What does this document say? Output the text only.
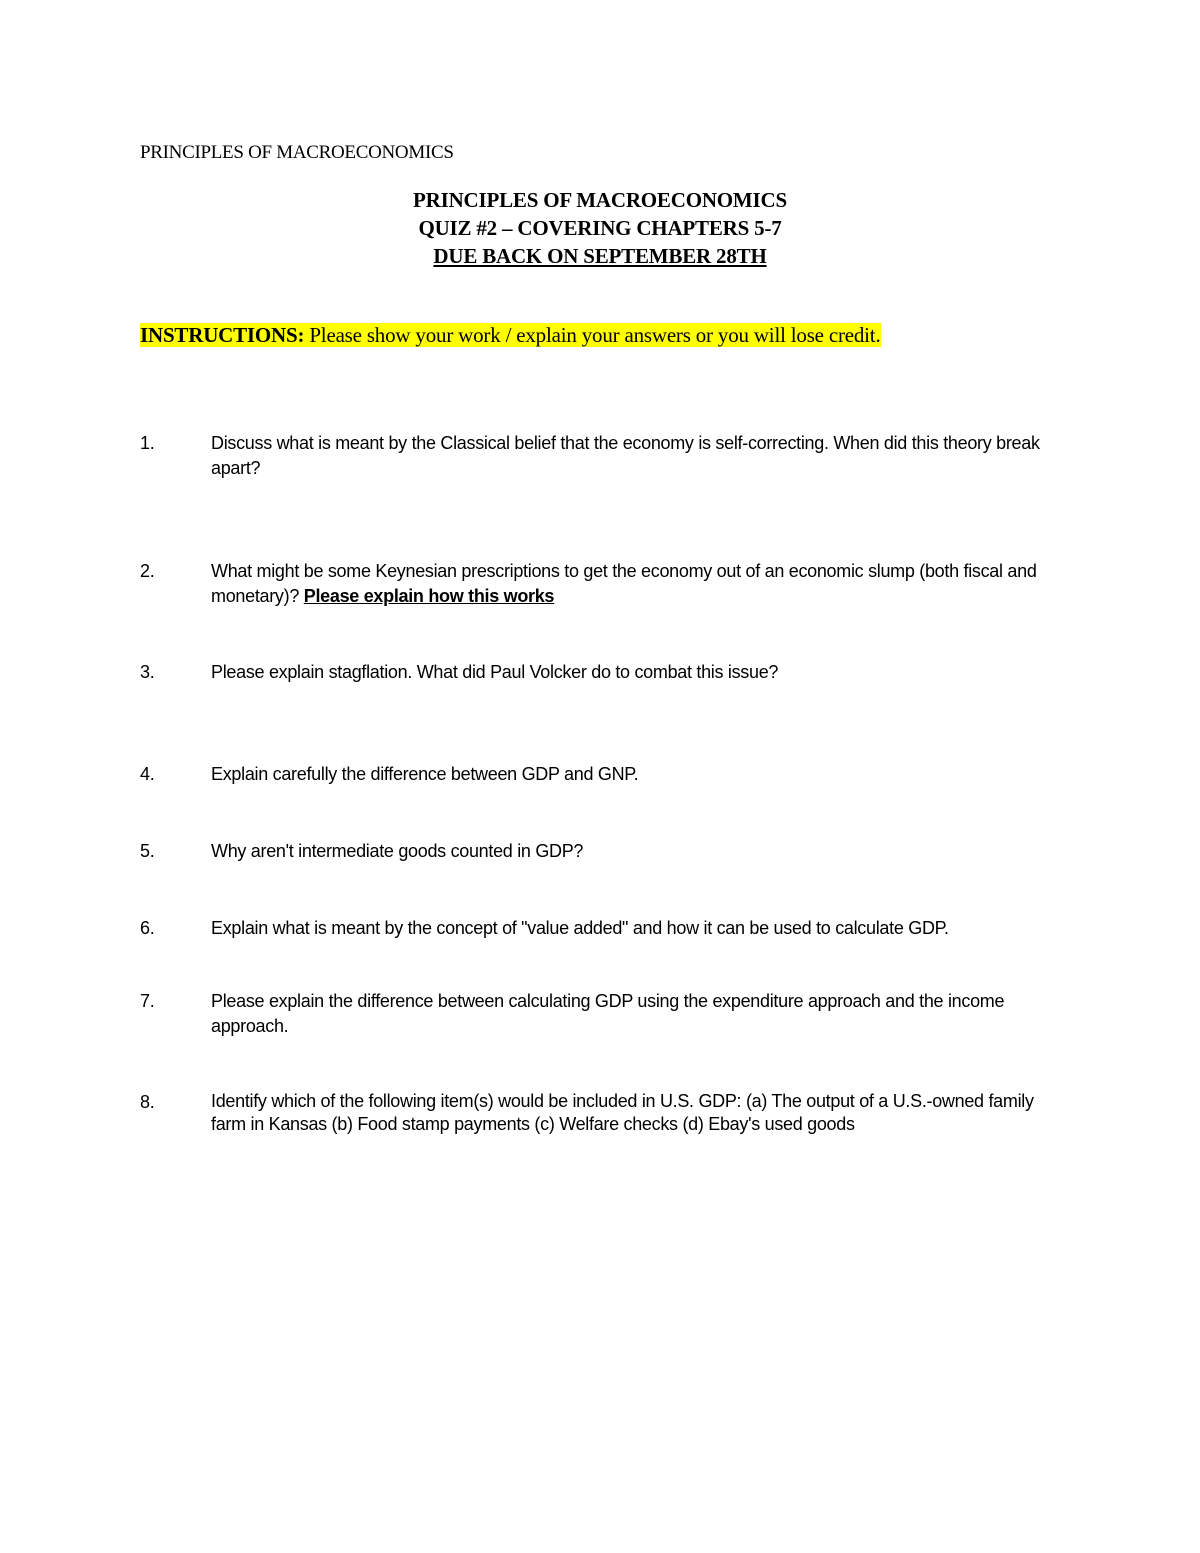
PRINCIPLES OF MACROECONOMICS
PRINCIPLES OF MACROECONOMICS
QUIZ #2 – COVERING CHAPTERS 5-7
DUE BACK ON SEPTEMBER 28TH
INSTRUCTIONS: Please show your work / explain your answers or you will lose credit.
1.	Discuss what is meant by the Classical belief that the economy is self-correcting. When did this theory break apart?
2.	What might be some Keynesian prescriptions to get the economy out of an economic slump (both fiscal and monetary)? Please explain how this works
3.	Please explain stagflation. What did Paul Volcker do to combat this issue?
4.	Explain carefully the difference between GDP and GNP.
5.	Why aren't intermediate goods counted in GDP?
6.	Explain what is meant by the concept of "value added" and how it can be used to calculate GDP.
7.	Please explain the difference between calculating GDP using the expenditure approach and the income approach.
8.	Identify which of the following item(s) would be included in U.S. GDP: (a) The output of a U.S.-owned family farm in Kansas (b) Food stamp payments (c) Welfare checks (d) Ebay's used goods
